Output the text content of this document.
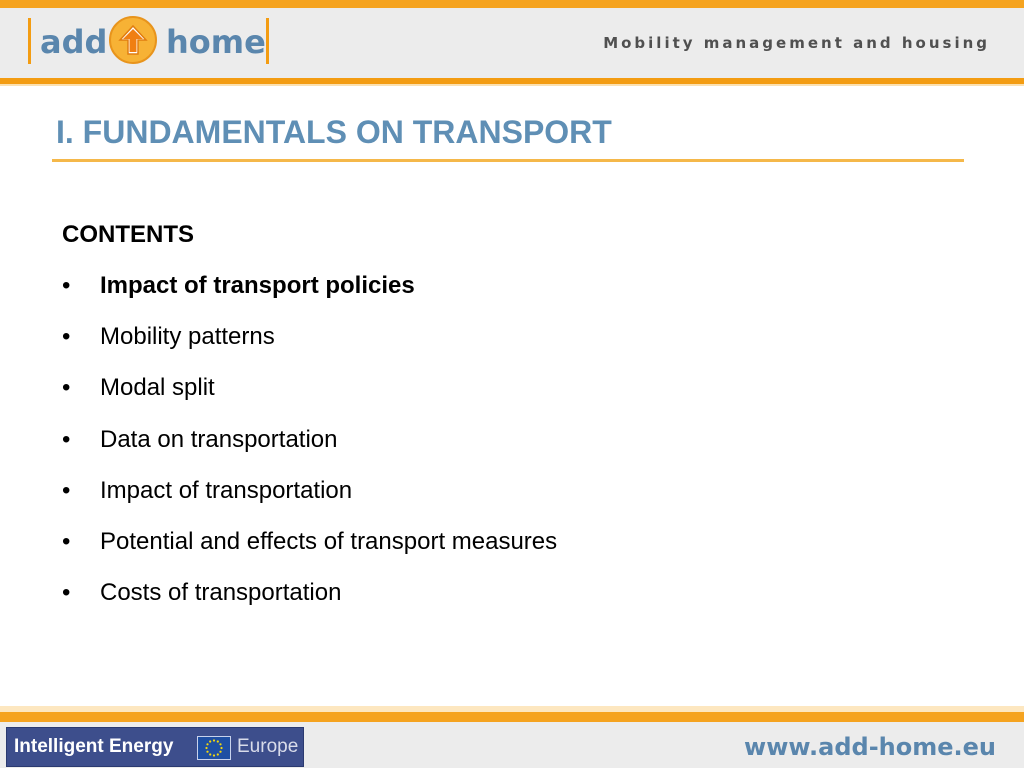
add home	Mobility management and housing
I. FUNDAMENTALS ON TRANSPORT
CONTENTS
•	Impact of transport policies
•	Mobility patterns
•	Modal split
•	Data on transportation
•	Impact of transportation
•	Potential and effects of transport measures
•	Costs of transportation
Intelligent Energy	Europe	www.add-home.eu
